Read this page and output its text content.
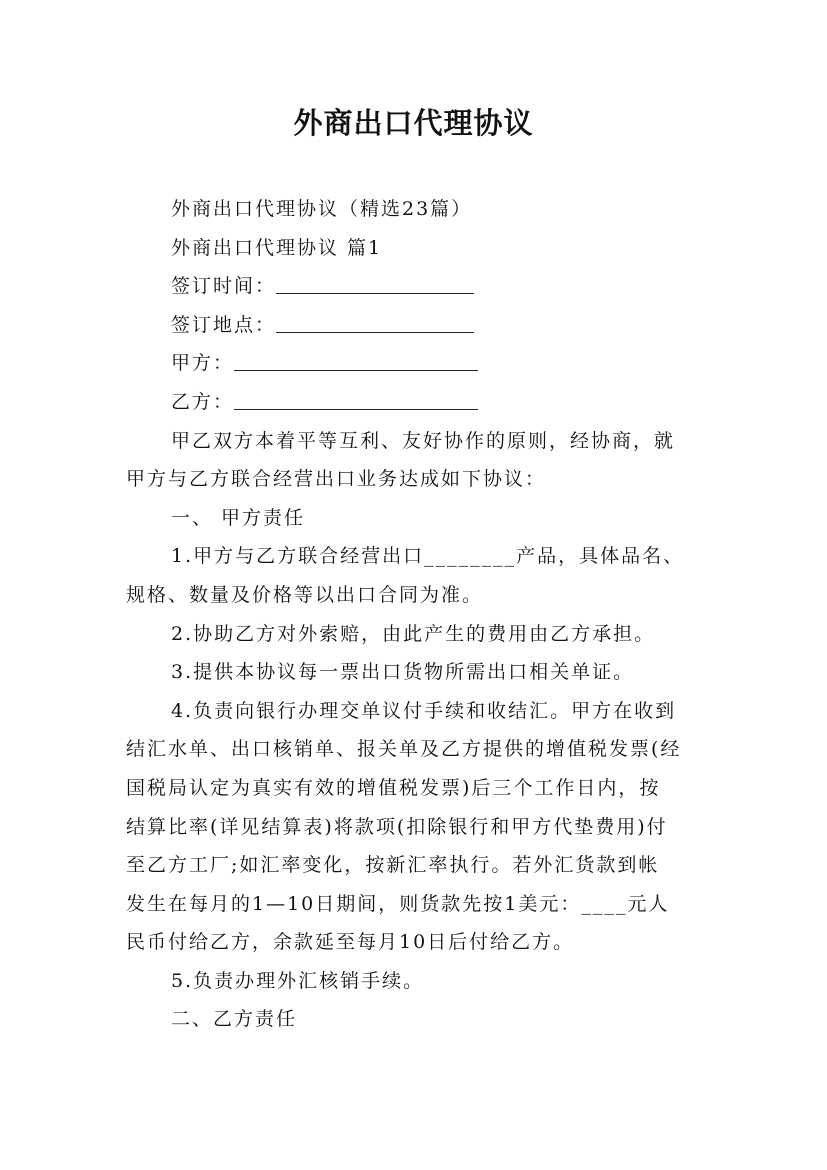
外商出口代理协议
外商出口代理协议（精选23篇）
外商出口代理协议 篇1
签订时间：
签订地点：
甲方：
乙方：
甲乙双方本着平等互利、友好协作的原则，经协商，就
甲方与乙方联合经营出口业务达成如下协议：
一、 甲方责任
1.甲方与乙方联合经营出口________产品，具体品名、
规格、数量及价格等以出口合同为准。
2.协助乙方对外索赔，由此产生的费用由乙方承担。
3.提供本协议每一票出口货物所需出口相关单证。
4.负责向银行办理交单议付手续和收结汇。甲方在收到
结汇水单、出口核销单、报关单及乙方提供的增值税发票(经
国税局认定为真实有效的增值税发票)后三个工作日内，按
结算比率(详见结算表)将款项(扣除银行和甲方代垫费用)付
至乙方工厂;如汇率变化，按新汇率执行。若外汇货款到帐
发生在每月的1—10日期间，则货款先按1美元：____元人
民币付给乙方，余款延至每月10日后付给乙方。
5.负责办理外汇核销手续。
二、乙方责任
